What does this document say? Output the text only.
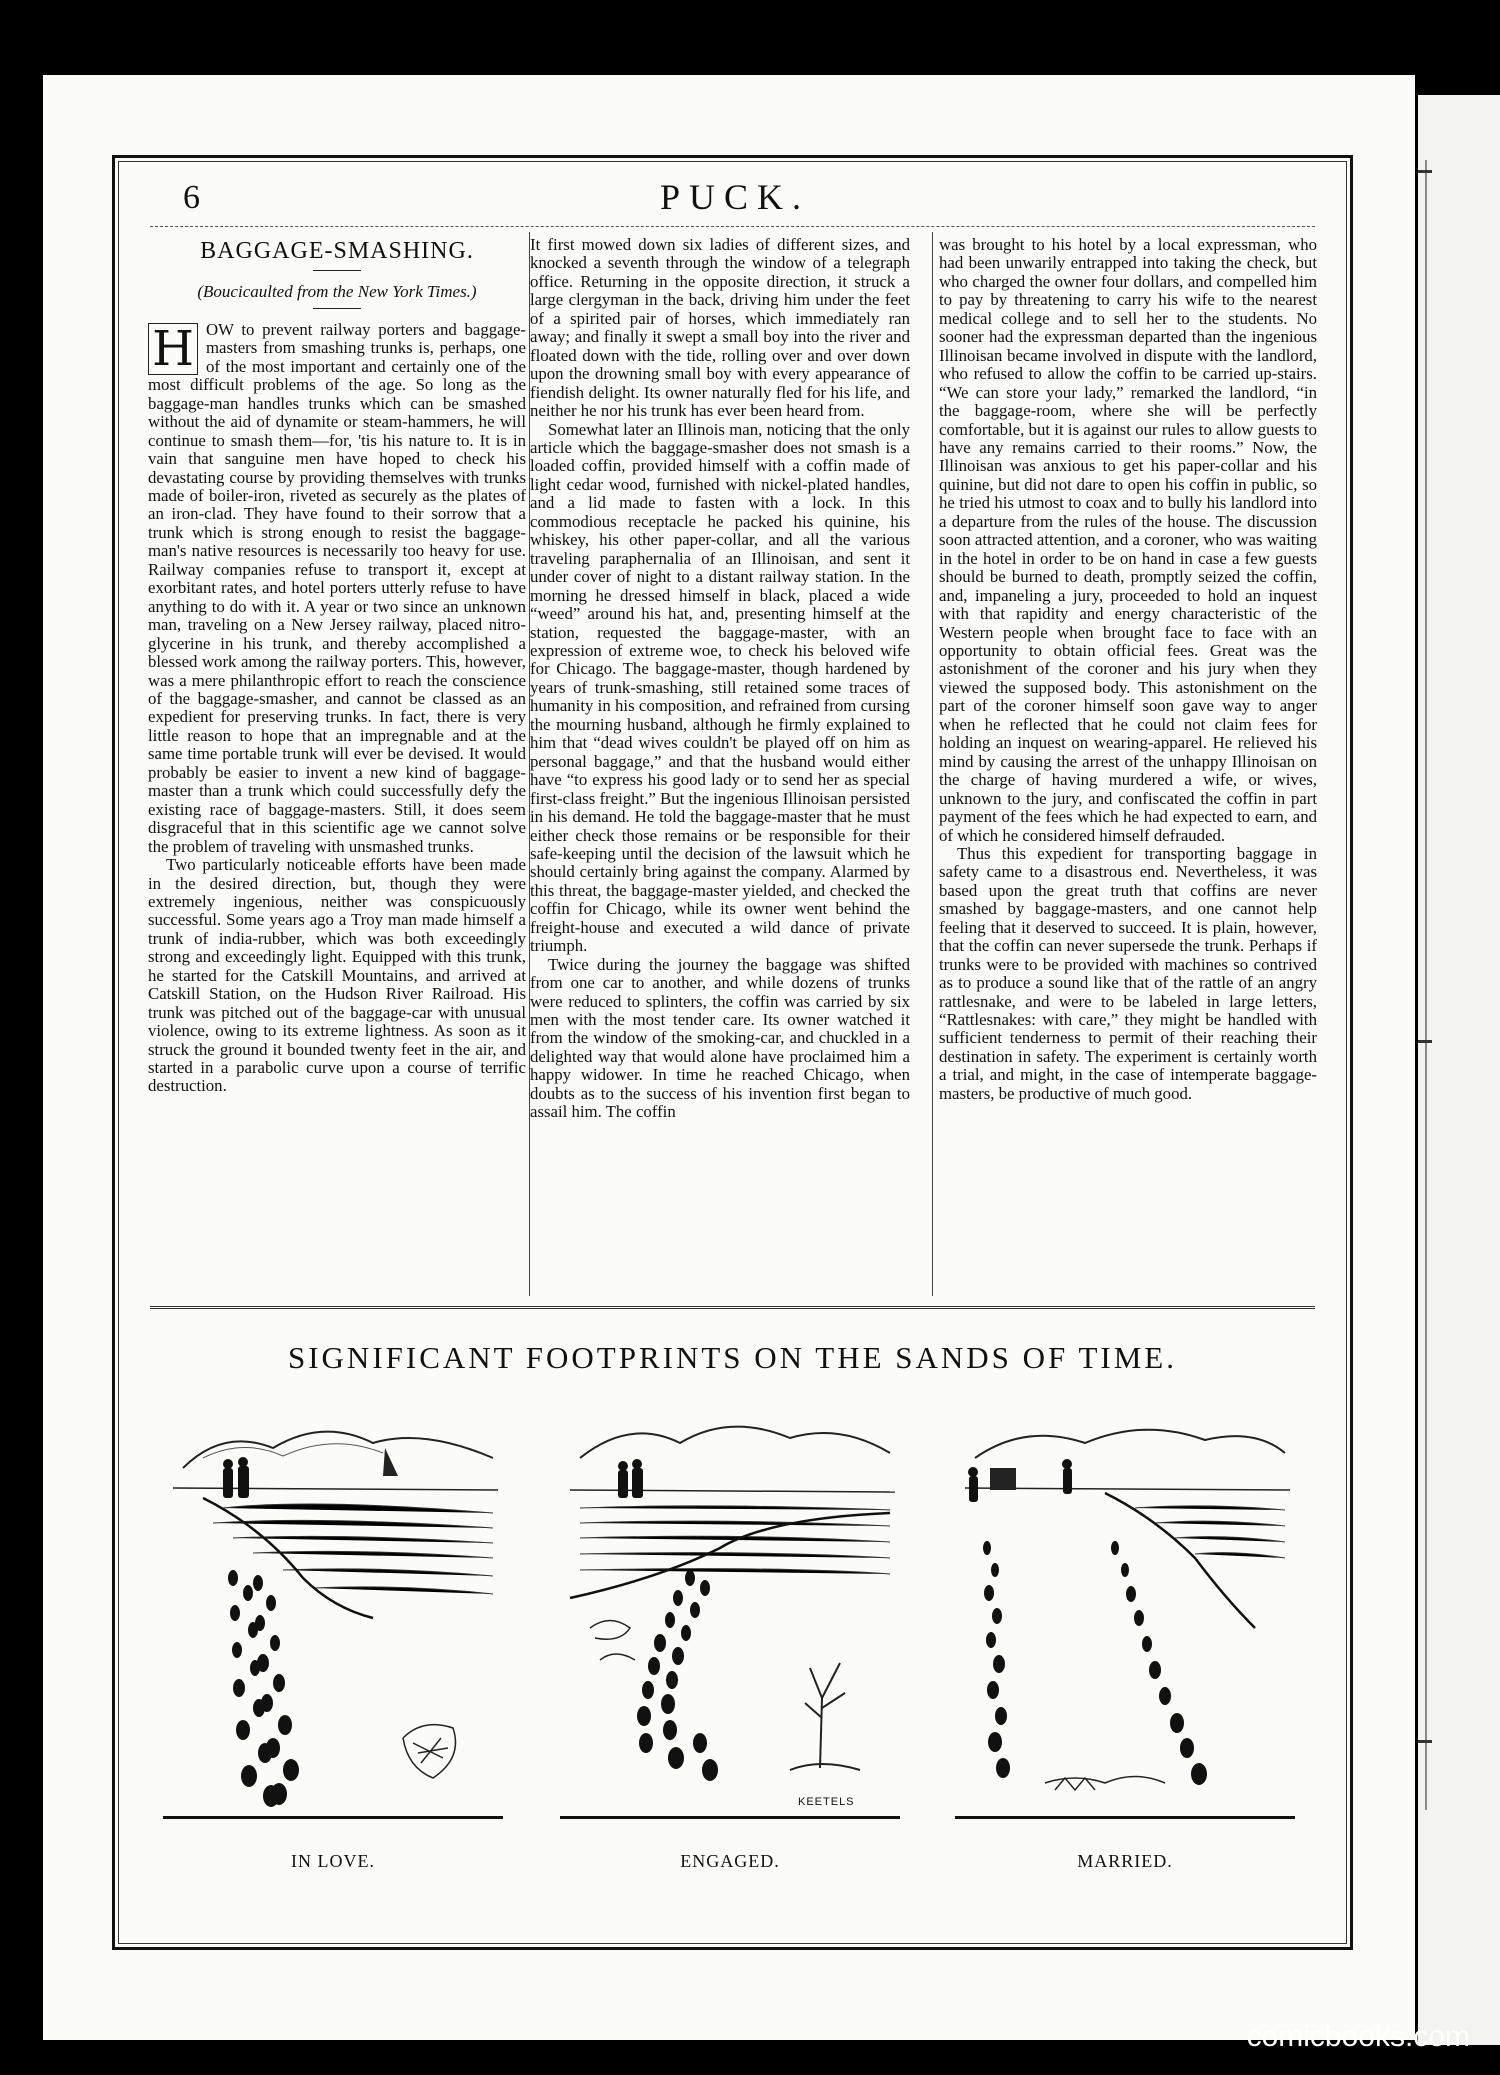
6	PUCK.
BAGGAGE-SMASHING.
(Boucicaulted from the New York Times.)
H OW to prevent railway porters and baggage-masters from smashing trunks is, perhaps, one of the most important and certainly one of the most difficult problems of the age. So long as the baggage-man handles trunks which can be smashed without the aid of dynamite or steam-hammers, he will continue to smash them—for, 'tis his nature to. It is in vain that sanguine men have hoped to check his devastating course by providing themselves with trunks made of boiler-iron, riveted as securely as the plates of an iron-clad. They have found to their sorrow that a trunk which is strong enough to resist the baggage-man's native resources is necessarily too heavy for use. Railway companies refuse to transport it, except at exorbitant rates, and hotel porters utterly refuse to have anything to do with it. A year or two since an unknown man, traveling on a New Jersey railway, placed nitro-glycerine in his trunk, and thereby accomplished a blessed work among the railway porters. This, however, was a mere philanthropic effort to reach the conscience of the baggage-smasher, and cannot be classed as an expedient for preserving trunks. In fact, there is very little reason to hope that an impregnable and at the same time portable trunk will ever be devised. It would probably be easier to invent a new kind of baggage-master than a trunk which could successfully defy the existing race of baggage-masters. Still, it does seem disgraceful that in this scientific age we cannot solve the problem of traveling with unsmashed trunks.

Two particularly noticeable efforts have been made in the desired direction, but, though they were extremely ingenious, neither was conspicuously successful. Some years ago a Troy man made himself a trunk of india-rubber, which was both exceedingly strong and exceedingly light. Equipped with this trunk, he started for the Catskill Mountains, and arrived at Catskill Station, on the Hudson River Railroad. His trunk was pitched out of the baggage-car with unusual violence, owing to its extreme lightness. As soon as it struck the ground it bounded twenty feet in the air, and started in a parabolic curve upon a course of terrific destruction.

It first mowed down six ladies of different sizes, and knocked a seventh through the window of a telegraph office. Returning in the opposite direction, it struck a large clergyman in the back, driving him under the feet of a spirited pair of horses, which immediately ran away; and finally it swept a small boy into the river and floated down with the tide, rolling over and over down upon the drowning small boy with every appearance of fiendish delight. Its owner naturally fled for his life, and neither he nor his trunk has ever been heard from.

Somewhat later an Illinois man, noticing that the only article which the baggage-smasher does not smash is a loaded coffin, provided himself with a coffin made of light cedar wood, furnished with nickel-plated handles, and a lid made to fasten with a lock. In this commodious receptacle he packed his quinine, his whiskey, his other paper-collar, and all the various traveling paraphernalia of an Illinoisan, and sent it under cover of night to a distant railway station. In the morning he dressed himself in black, placed a wide “weed” around his hat, and, presenting himself at the station, requested the baggage-master, with an expression of extreme woe, to check his beloved wife for Chicago. The baggage-master, though hardened by years of trunk-smashing, still retained some traces of humanity in his composition, and refrained from cursing the mourning husband, although he firmly explained to him that “dead wives couldn't be played off on him as personal baggage,” and that the husband would either have “to express his good lady or to send her as special first-class freight.” But the ingenious Illinoisan persisted in his demand. He told the baggage-master that he must either check those remains or be responsible for their safe-keeping until the decision of the lawsuit which he should certainly bring against the company. Alarmed by this threat, the baggage-master yielded, and checked the coffin for Chicago, while its owner went behind the freight-house and executed a wild dance of private triumph.

Twice during the journey the baggage was shifted from one car to another, and while dozens of trunks were reduced to splinters, the coffin was carried by six men with the most tender care. Its owner watched it from the window of the smoking-car, and chuckled in a delighted way that would alone have proclaimed him a happy widower. In time he reached Chicago, when doubts as to the success of his invention first began to assail him. The coffin

was brought to his hotel by a local expressman, who had been unwarily entrapped into taking the check, but who charged the owner four dollars, and compelled him to pay by threatening to carry his wife to the nearest medical college and to sell her to the students. No sooner had the expressman departed than the ingenious Illinoisan became involved in dispute with the landlord, who refused to allow the coffin to be carried up-stairs. “We can store your lady,” remarked the landlord, “in the baggage-room, where she will be perfectly comfortable, but it is against our rules to allow guests to have any remains carried to their rooms.” Now, the Illinoisan was anxious to get his paper-collar and his quinine, but did not dare to open his coffin in public, so he tried his utmost to coax and to bully his landlord into a departure from the rules of the house. The discussion soon attracted attention, and a coroner, who was waiting in the hotel in order to be on hand in case a few guests should be burned to death, promptly seized the coffin, and, impaneling a jury, proceeded to hold an inquest with that rapidity and energy characteristic of the Western people when brought face to face with an opportunity to obtain official fees. Great was the astonishment of the coroner and his jury when they viewed the supposed body. This astonishment on the part of the coroner himself soon gave way to anger when he reflected that he could not claim fees for holding an inquest on wearing-apparel. He relieved his mind by causing the arrest of the unhappy Illinoisan on the charge of having murdered a wife, or wives, unknown to the jury, and confiscated the coffin in part payment of the fees which he had expected to earn, and of which he considered himself defrauded.

Thus this expedient for transporting baggage in safety came to a disastrous end. Nevertheless, it was based upon the great truth that coffins are never smashed by baggage-masters, and one cannot help feeling that it deserved to succeed. It is plain, however, that the coffin can never supersede the trunk. Perhaps if trunks were to be provided with machines so contrived as to produce a sound like that of the rattle of an angry rattlesnake, and were to be labeled in large letters, “Rattlesnakes: with care,” they might be handled with sufficient tenderness to permit of their reaching their destination in safety. The experiment is certainly worth a trial, and might, in the case of intemperate baggage-masters, be productive of much good.

SIGNIFICANT FOOTPRINTS ON THE SANDS OF TIME.
IN LOVE.
KEETELS
ENGAGED.	MARRIED.
comicbooks.com
